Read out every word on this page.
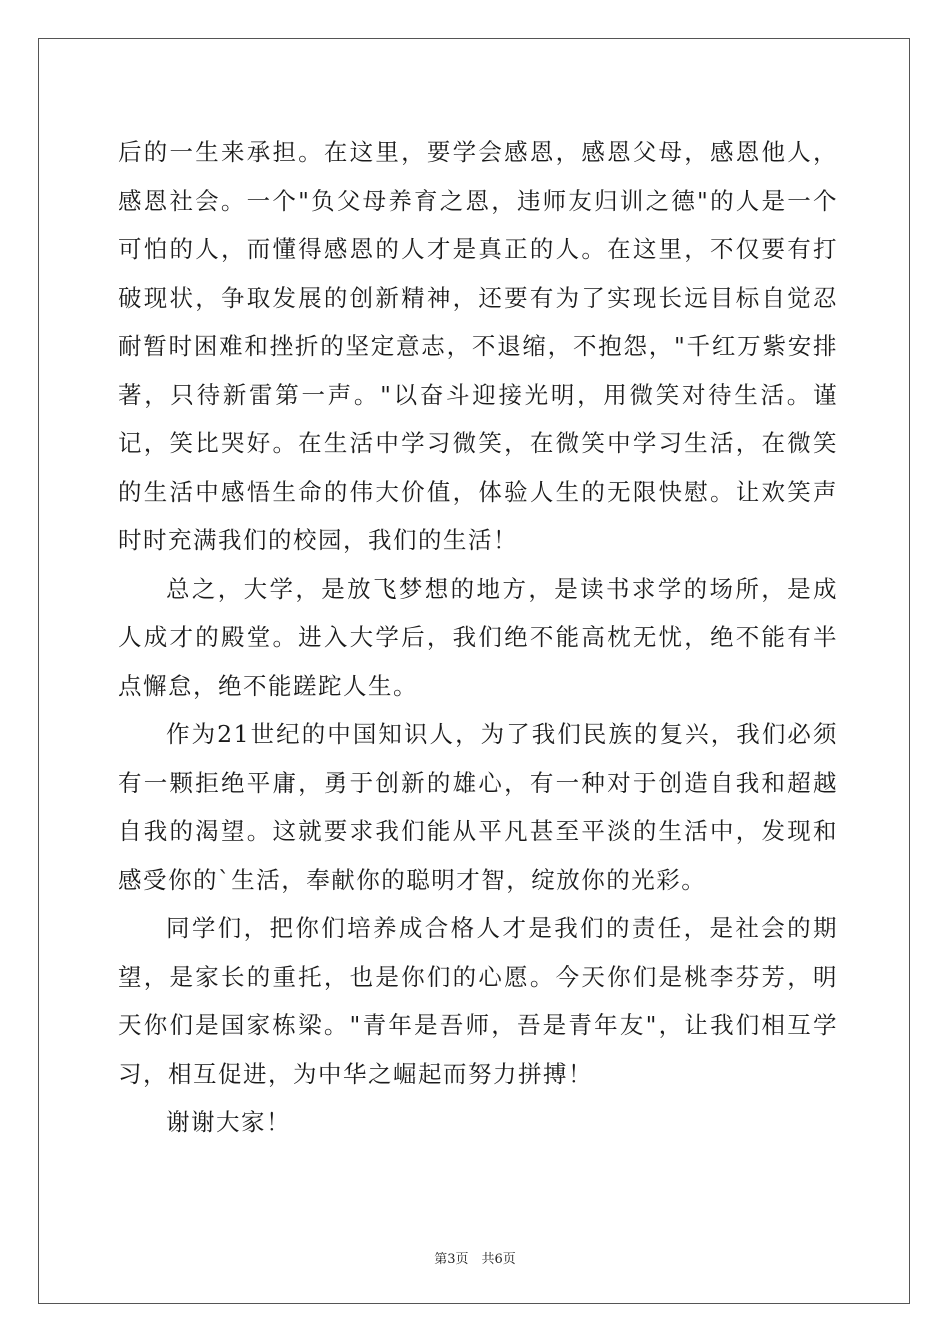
后的一生来承担。在这里，要学会感恩，感恩父母，感恩他人，感恩社会。一个"负父母养育之恩，违师友归训之德"的人是一个可怕的人，而懂得感恩的人才是真正的人。在这里，不仅要有打破现状，争取发展的创新精神，还要有为了实现长远目标自觉忍耐暂时困难和挫折的坚定意志，不退缩，不抱怨，"千红万紫安排著，只待新雷第一声。"以奋斗迎接光明，用微笑对待生活。谨记，笑比哭好。在生活中学习微笑，在微笑中学习生活，在微笑的生活中感悟生命的伟大价值，体验人生的无限快慰。让欢笑声时时充满我们的校园，我们的生活！

总之，大学，是放飞梦想的地方，是读书求学的场所，是成人成才的殿堂。进入大学后，我们绝不能高枕无忧，绝不能有半点懈怠，绝不能蹉跎人生。

作为21世纪的中国知识人，为了我们民族的复兴，我们必须有一颗拒绝平庸，勇于创新的雄心，有一种对于创造自我和超越自我的渴望。这就要求我们能从平凡甚至平淡的生活中，发现和感受你的`生活，奉献你的聪明才智，绽放你的光彩。

同学们，把你们培养成合格人才是我们的责任，是社会的期望，是家长的重托，也是你们的心愿。今天你们是桃李芬芳，明天你们是国家栋梁。"青年是吾师，吾是青年友"，让我们相互学习，相互促进，为中华之崛起而努力拼搏！

谢谢大家！

第3页　共6页
